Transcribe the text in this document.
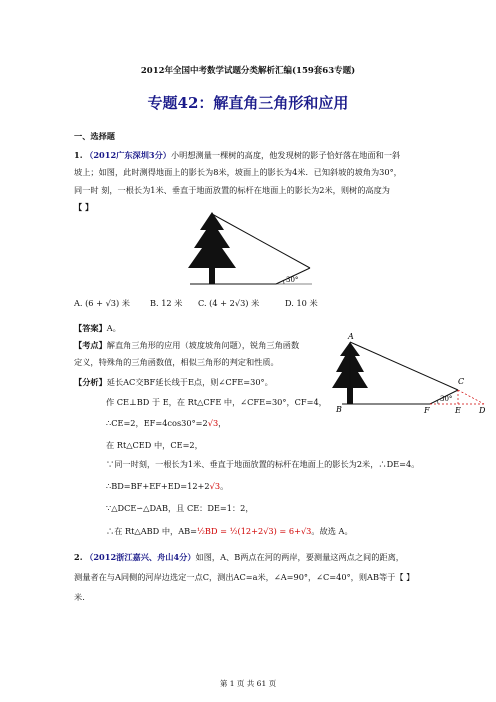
2012年全国中考数学试题分类解析汇编(159套63专题)
专题42：解直角三角形和应用
一、选择题
1. （2012广东深圳3分）小明想测量一棵树的高度，他发现树的影子恰好落在地面和一斜
坡上；如图，此时测得地面上的影长为8米，坡面上的影长为4米．已知斜坡的坡角为30°，
同一时 刻，一根长为1米、垂直于地面放置的标杆在地面上的影长为2米，则树的高度为
【 】
30°
A. (6 + √3) 米 B. 12 米 C. (4 + 2√3) 米	D. 10 米
【答案】A。
【考点】解直角三角形的应用（坡度坡角问题），锐角三角函数
定义，特殊角的三角函数值，相似三角形的判定和性质。
【分析】延长AC交BF延长线于E点，则∠CFE=30°。
作 CE⊥BD 于 E，在 Rt△CFE 中，∠CFE=30°，CF=4，
∴CE=2，EF=4cos30°=2√3，
在 Rt△CED 中，CE=2，
∵同一时刻，一根长为1米、垂直于地面放置的标杆在地面上的影长为2米，∴DE=4。
∴BD=BF+EF+ED=12+2√3。
∵△DCE∽△DAB，且 CE：DE=1：2，
∴在 Rt△ABD 中，AB=½BD = ½(12+2√3) = 6+√3。故选 A。
30°
A
B
C
D
E
F
2. （2012浙江嘉兴、舟山4分）如图，A、B两点在河的两岸，要测量这两点之间的距离，
测量者在与A同侧的河岸边选定一点C，测出AC=a米，∠A=90°，∠C=40°，则AB等于【 】
米.
第 1 页 共 61 页
